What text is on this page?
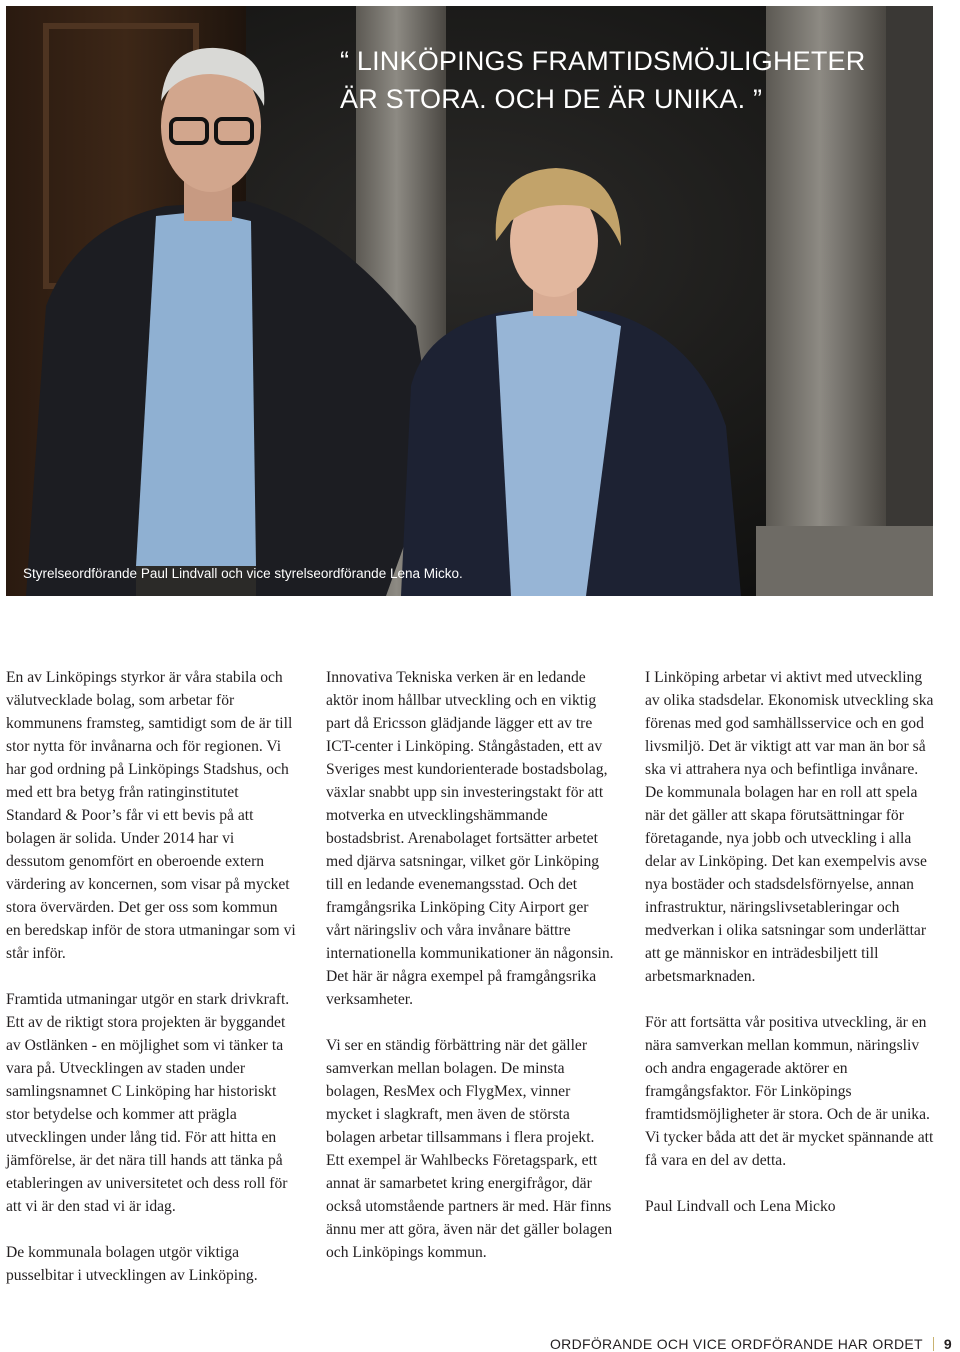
“ LINKÖPINGS FRAMTIDSMÖJLIGHETER
ÄR STORA. OCH DE ÄR UNIKA. ”

Styrelseordförande Paul Lindvall och vice styrelseordförande Lena Micko.

En av Linköpings styrkor är våra stabila och välutvecklade bolag, som arbetar för kommunens framsteg, samtidigt som de är till stor nytta för invånarna och för regionen. Vi har god ordning på Linköpings Stadshus, och med ett bra betyg från ratinginstitutet Standard & Poor’s får vi ett bevis på att bolagen är solida. Under 2014 har vi dessutom genomfört en oberoende extern värdering av koncernen, som visar på mycket stora övervärden. Det ger oss som kommun en beredskap inför de stora utmaningar som vi står inför.

Framtida utmaningar utgör en stark drivkraft. Ett av de riktigt stora projekten är byggandet av Ostlänken - en möjlighet som vi tänker ta vara på. Utvecklingen av staden under samlingsnamnet C Linköping har historiskt stor betydelse och kommer att prägla utvecklingen under lång tid. För att hitta en jämförelse, är det nära till hands att tänka på etableringen av universitetet och dess roll för att vi är den stad vi är idag.

De kommunala bolagen utgör viktiga pusselbitar i utvecklingen av Linköping.

Innovativa Tekniska verken är en ledande aktör inom hållbar utveckling och en viktig part då Ericsson glädjande lägger ett av tre ICT-center i Linköping. Stångåstaden, ett av Sveriges mest kundorienterade bostadsbolag, växlar snabbt upp sin investeringstakt för att motverka en utvecklingshämmande bostadsbrist. Arenabolaget fortsätter arbetet med djärva satsningar, vilket gör Linköping till en ledande evenemangsstad. Och det framgångsrika Linköping City Airport ger vårt näringsliv och våra invånare bättre internationella kommunikationer än någonsin. Det här är några exempel på framgångsrika verksamheter.

Vi ser en ständig förbättring när det gäller samverkan mellan bolagen. De minsta bolagen, ResMex och FlygMex, vinner mycket i slagkraft, men även de största bolagen arbetar tillsammans i flera projekt. Ett exempel är Wahlbecks Företagspark, ett annat är samarbetet kring energifrågor, där också utomstående partners är med. Här finns ännu mer att göra, även när det gäller bolagen och Linköpings kommun.

I Linköping arbetar vi aktivt med utveckling av olika stadsdelar. Ekonomisk utveckling ska förenas med god samhällsservice och en god livsmiljö. Det är viktigt att var man än bor så ska vi attrahera nya och befintliga invånare. De kommunala bolagen har en roll att spela när det gäller att skapa förutsättningar för företagande, nya jobb och utveckling i alla delar av Linköping. Det kan exempelvis avse nya bostäder och stadsdelsförnyelse, annan infrastruktur, näringslivsetableringar och medverkan i olika satsningar som underlättar att ge människor en inträdesbiljett till arbetsmarknaden.

För att fortsätta vår positiva utveckling, är en nära samverkan mellan kommun, näringsliv och andra engagerade aktörer en framgångsfaktor. För Linköpings framtidsmöjligheter är stora. Och de är unika. Vi tycker båda att det är mycket spännande att få vara en del av detta.

Paul Lindvall och Lena Micko

ORDFÖRANDE OCH VICE ORDFÖRANDE HAR ORDET 9
